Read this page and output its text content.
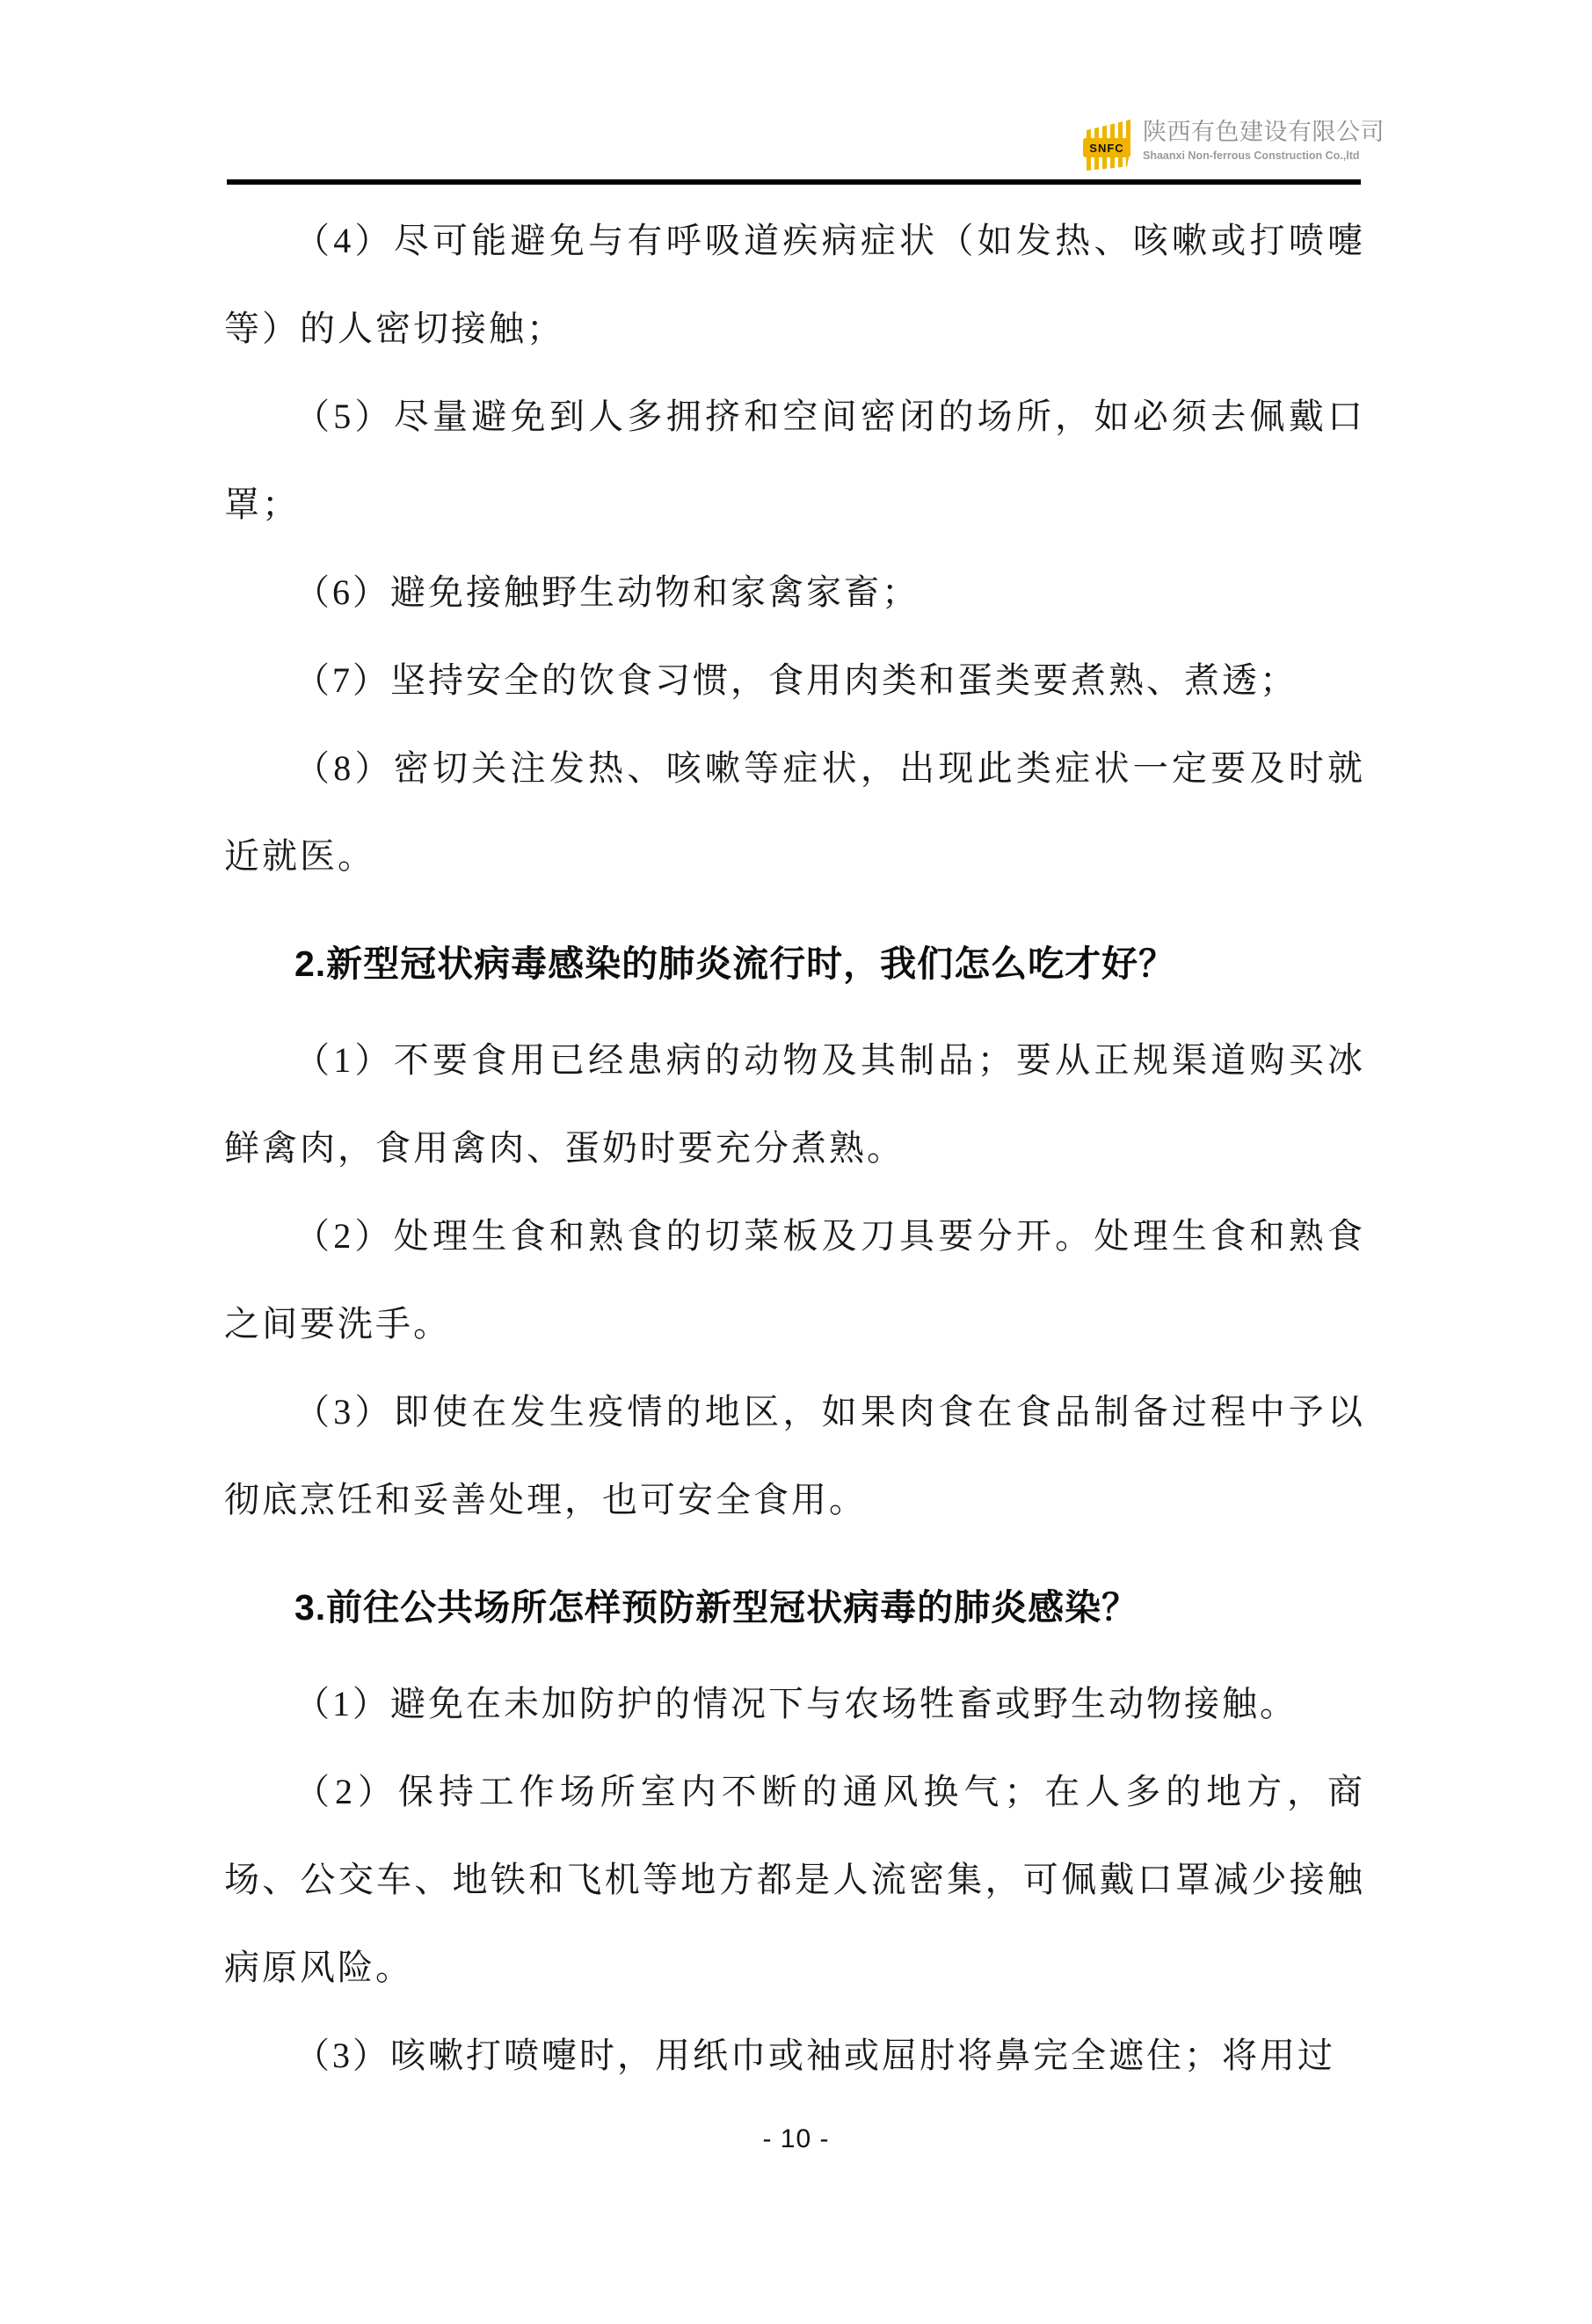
SNFC
陕西有色建设有限公司
Shaanxi Non-ferrous Construction Co.,ltd

（4）尽可能避免与有呼吸道疾病症状（如发热、咳嗽或打喷嚏等）的人密切接触；

（5）尽量避免到人多拥挤和空间密闭的场所，如必须去佩戴口罩；

（6）避免接触野生动物和家禽家畜；

（7）坚持安全的饮食习惯，食用肉类和蛋类要煮熟、煮透；

（8）密切关注发热、咳嗽等症状，出现此类症状一定要及时就近就医。

2.新型冠状病毒感染的肺炎流行时，我们怎么吃才好？

（1）不要食用已经患病的动物及其制品；要从正规渠道购买冰鲜禽肉，食用禽肉、蛋奶时要充分煮熟。

（2）处理生食和熟食的切菜板及刀具要分开。处理生食和熟食之间要洗手。

（3）即使在发生疫情的地区，如果肉食在食品制备过程中予以彻底烹饪和妥善处理，也可安全食用。

3.前往公共场所怎样预防新型冠状病毒的肺炎感染？

（1）避免在未加防护的情况下与农场牲畜或野生动物接触。

（2）保持工作场所室内不断的通风换气；在人多的地方，商场、公交车、地铁和飞机等地方都是人流密集，可佩戴口罩减少接触病原风险。

（3）咳嗽打喷嚏时，用纸巾或袖或屈肘将鼻完全遮住；将用过

- 10 -
